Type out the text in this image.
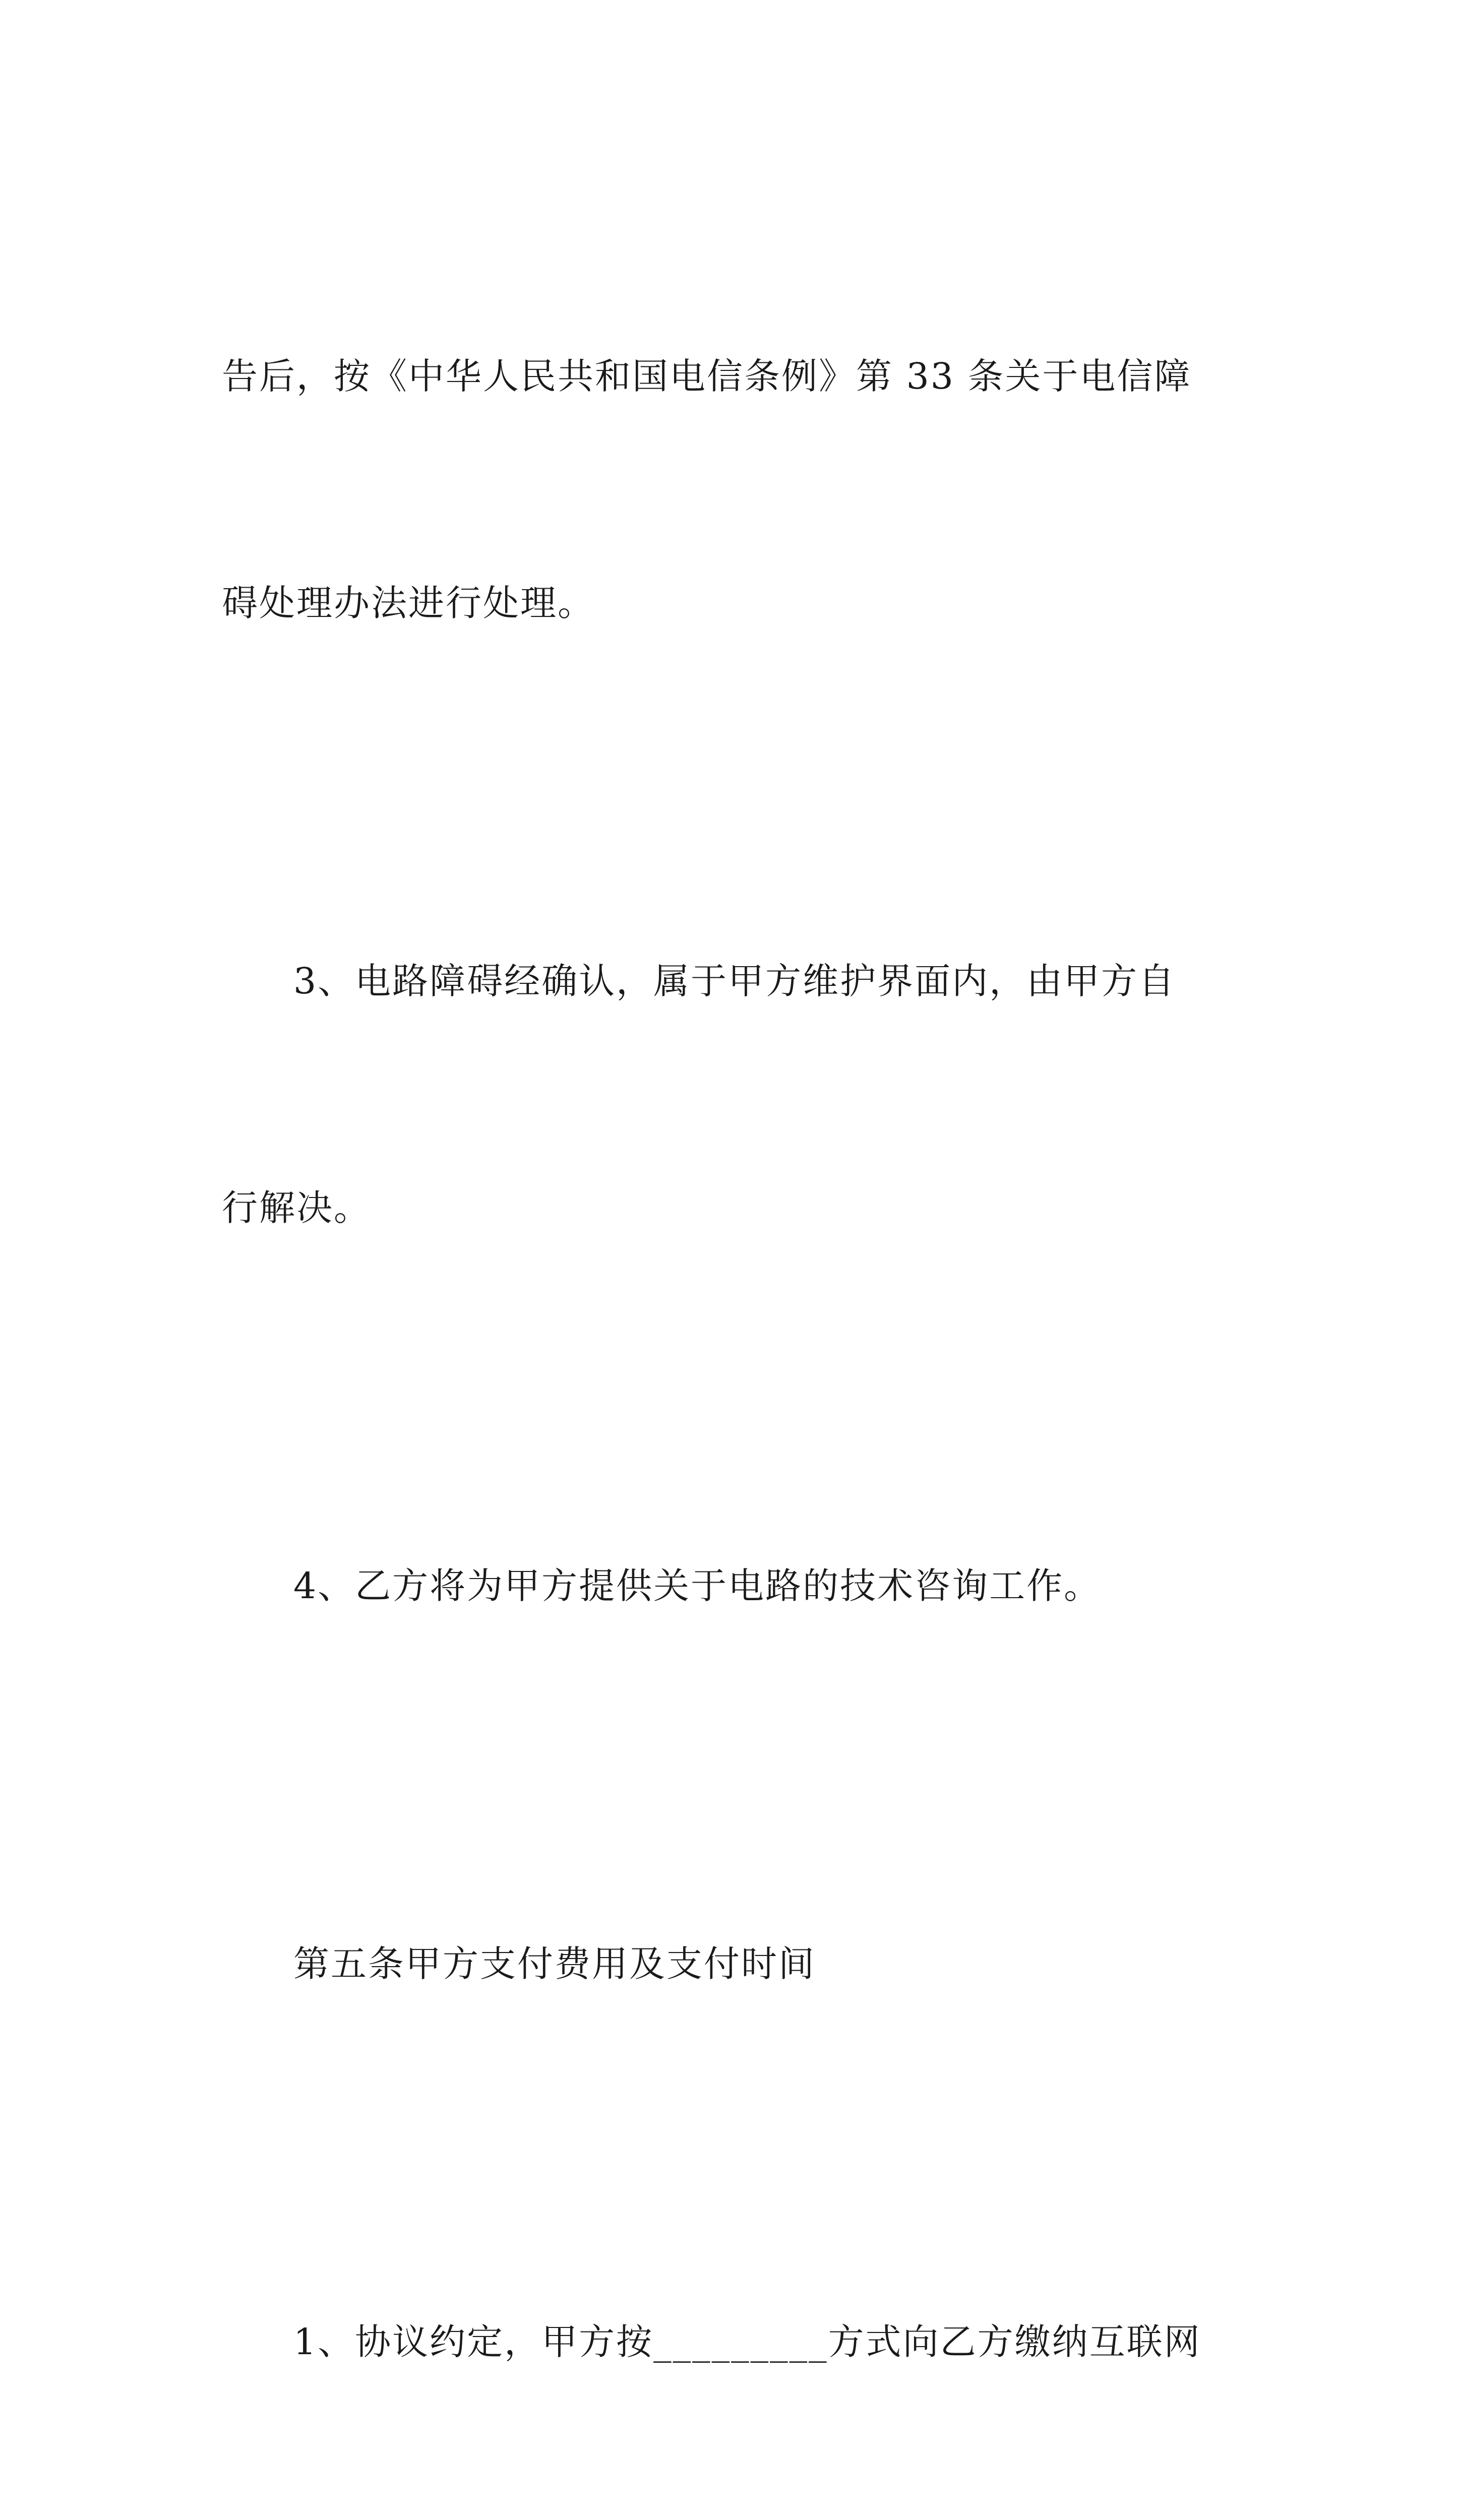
告后，按《中华人民共和国电信条例》第 33 条关于电信障

碍处理办法进行处理。

3、电路障碍经确认，属于甲方维护界面内，由甲方自

行解决。

4、乙方将为甲方提供关于电路的技术咨询工作。

第五条甲方支付费用及支付时间

1、协议约定，甲方按_________方式向乙方缴纳互联网
